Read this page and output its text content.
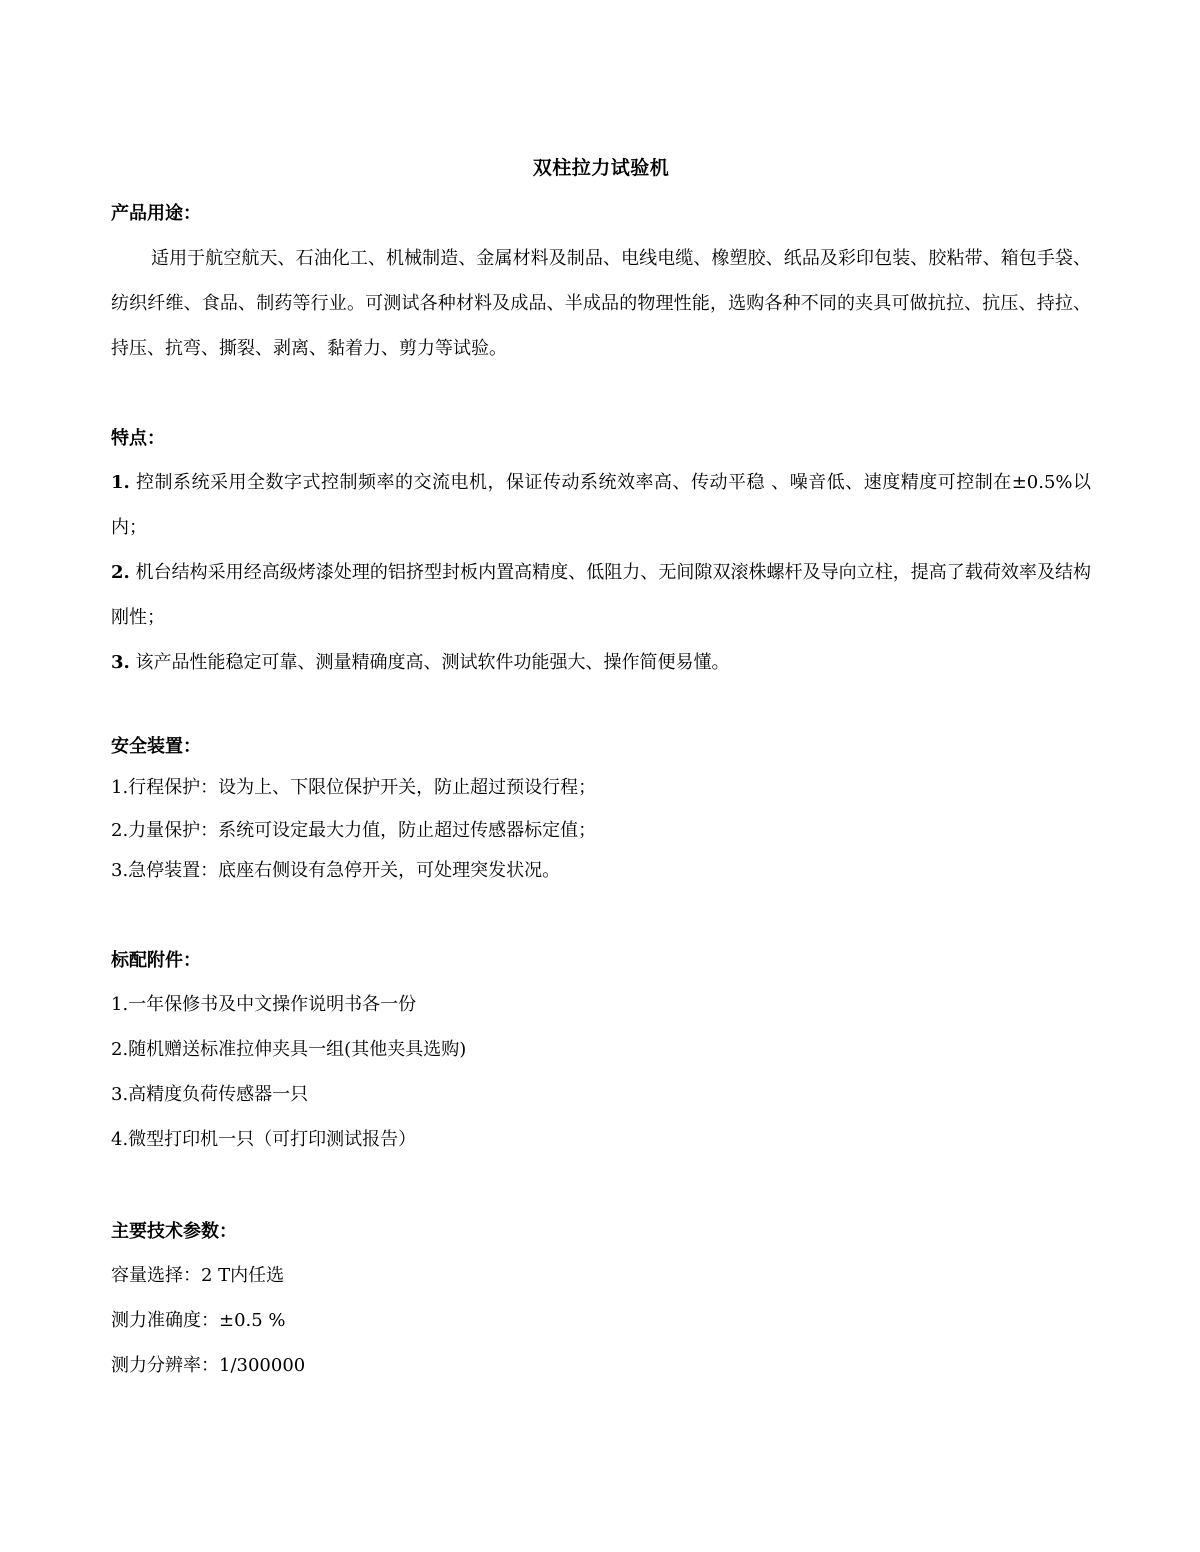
双柱拉力试验机
产品用途：

适用于航空航天、石油化工、机械制造、金属材料及制品、电线电缆、橡塑胶、纸品及彩印包装、胶粘带、箱包手袋、纺织纤维、食品、制药等行业。可测试各种材料及成品、半成品的物理性能，选购各种不同的夹具可做抗拉、抗压、持拉、持压、抗弯、撕裂、剥离、黏着力、剪力等试验。

特点：

1. 控制系统采用全数字式控制频率的交流电机，保证传动系统效率高、传动平稳 、噪音低、速度精度可控制在±0.5%以内；

2. 机台结构采用经高级烤漆处理的铝挤型封板内置高精度、低阻力、无间隙双滚株螺杆及导向立柱，提高了载荷效率及结构刚性；

3. 该产品性能稳定可靠、测量精确度高、测试软件功能强大、操作简便易懂。

安全装置：

1.行程保护：设为上、下限位保护开关，防止超过预设行程；

2.力量保护：系统可设定最大力值，防止超过传感器标定值；

3.急停装置：底座右侧设有急停开关，可处理突发状况。

标配附件：

1.一年保修书及中文操作说明书各一份

2.随机赠送标准拉伸夹具一组(其他夹具选购)

3.高精度负荷传感器一只

4.微型打印机一只（可打印测试报告）

主要技术参数：

容量选择：2 T内任选

测力准确度：±0.5 %

测力分辨率：1/300000
